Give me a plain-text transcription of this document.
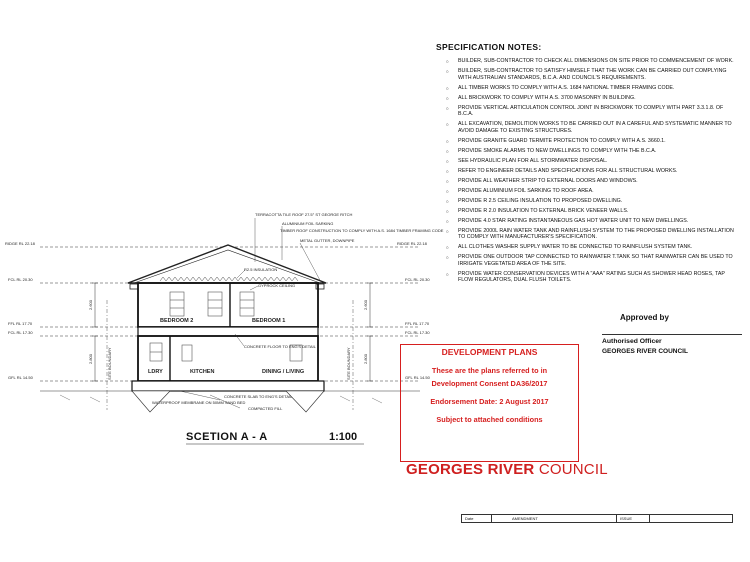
RIDGE RL 22.18
FCL RL 20.30
FFL RL 17.70
FCL RL 17.30
GFL RL 14.50
RIDGE RL 22.18
FCL RL 20.30
FFL RL 17.70
FCL RL 17.30
GFL RL 14.50
2.600
2.800
2.600
2.800
SITE BOUNDARY	SITE BOUNDARY
BEDROOM 2	BEDROOM 1
LDRY	KITCHEN	DINING / LIVING
TERRACOTTA TILE ROOF 27.5° ST GEORGE RITCH
ALUMINIUM FOIL SARKING
TIMBER ROOF CONSTRUCTION TO COMPLY WITH A.S. 1684 TIMBER FRAMING CODE
METAL GUTTER, DOWNPIPE
R2.5 INSULATION
GYPROCK CEILING
CONCRETE FLOOR TO ENG'S DETAIL
WATERPROOF MEMBRANE ON 50MM SAND BED
CONCRETE SLAB TO ENG'S DETAIL
COMPACTED FILL
SCETION A - A	1:100
SPECIFICATION NOTES:
○ BUILDER, SUB-CONTRACTOR TO CHECK ALL DIMENSIONS ON SITE PRIOR TO COMMENCEMENT OF WORK.
○ BUILDER, SUB-CONTRACTOR TO SATISFY HIMSELF THAT THE WORK CAN BE CARRIED OUT COMPLYING WITH AUSTRALIAN STANDARDS, B.C.A. AND COUNCIL'S REQUIREMENTS.
○ ALL TIMBER WORKS TO COMPLY WITH A.S. 1684 NATIONAL TIMBER FRAMING CODE.
○ ALL BRICKWORK TO COMPLY WITH A.S. 3700 MASONRY IN BUILDING.
○ PROVIDE VERTICAL ARTICULATION CONTROL JOINT IN BRICKWORK TO COMPLY WITH PART 3.3.1.8. OF B.C.A.
○ ALL EXCAVATION, DEMOLITION WORKS TO BE CARRIED OUT IN A CAREFUL AND SYSTEMATIC MANNER TO AVOID DAMAGE TO EXISTING STRUCTURES.
○ PROVIDE GRANITE GUARD TERMITE PROTECTION TO COMPLY WITH A.S. 3660.1.
○ PROVIDE SMOKE ALARMS TO NEW DWELLINGS TO COMPLY WITH THE B.C.A.
○ SEE HYDRAULIC PLAN FOR ALL STORMWATER DISPOSAL.
○ REFER TO ENGINEER DETAILS AND SPECIFICATIONS FOR ALL STRUCTURAL WORKS.
○ PROVIDE ALL WEATHER STRIP TO EXTERNAL DOORS AND WINDOWS.
○ PROVIDE ALUMINIUM FOIL SARKING TO ROOF AREA.
○ PROVIDE R 2.5 CEILING INSULATION TO PROPOSED DWELLING.
○ PROVIDE R 2.0 INSULATION TO EXTERNAL BRICK VENEER WALLS.
○ PROVIDE 4.0 STAR RATING INSTANTANEOUS GAS HOT WATER UNIT TO NEW DWELLINGS.
○ PROVIDE 2000L RAIN WATER TANK AND RAINFLUSH SYSTEM TO THE PROPOSED DWELLING INSTALLATION TO COMPLY WITH MANUFACTURER'S SPECIFICATION.
○ ALL CLOTHES WASHER SUPPLY WATER TO BE CONNECTED TO RAINFLUSH SYSTEM TANK.
○ PROVIDE ONE OUTDOOR TAP CONNECTED TO RAINWATER T.TANK SO THAT RAINWATER CAN BE USED TO IRRIGATE VEGETATED AREA OF THE SITE.
○ PROVIDE WATER CONSERVATION DEVICES WITH A "AAA" RATING SUCH AS SHOWER HEAD ROSES, TAP FLOW REGULATORS, DUAL FLUSH TOILETS.
Approved by
Authorised Officer
GEORGES RIVER COUNCIL
DEVELOPMENT PLANS
These are the plans referred to in
Development Consent DA36/2017
Endorsement Date: 2 August 2017
Subject to attached conditions
GEORGES RIVER COUNCIL
Date	AMENDMENT	ISSUE
